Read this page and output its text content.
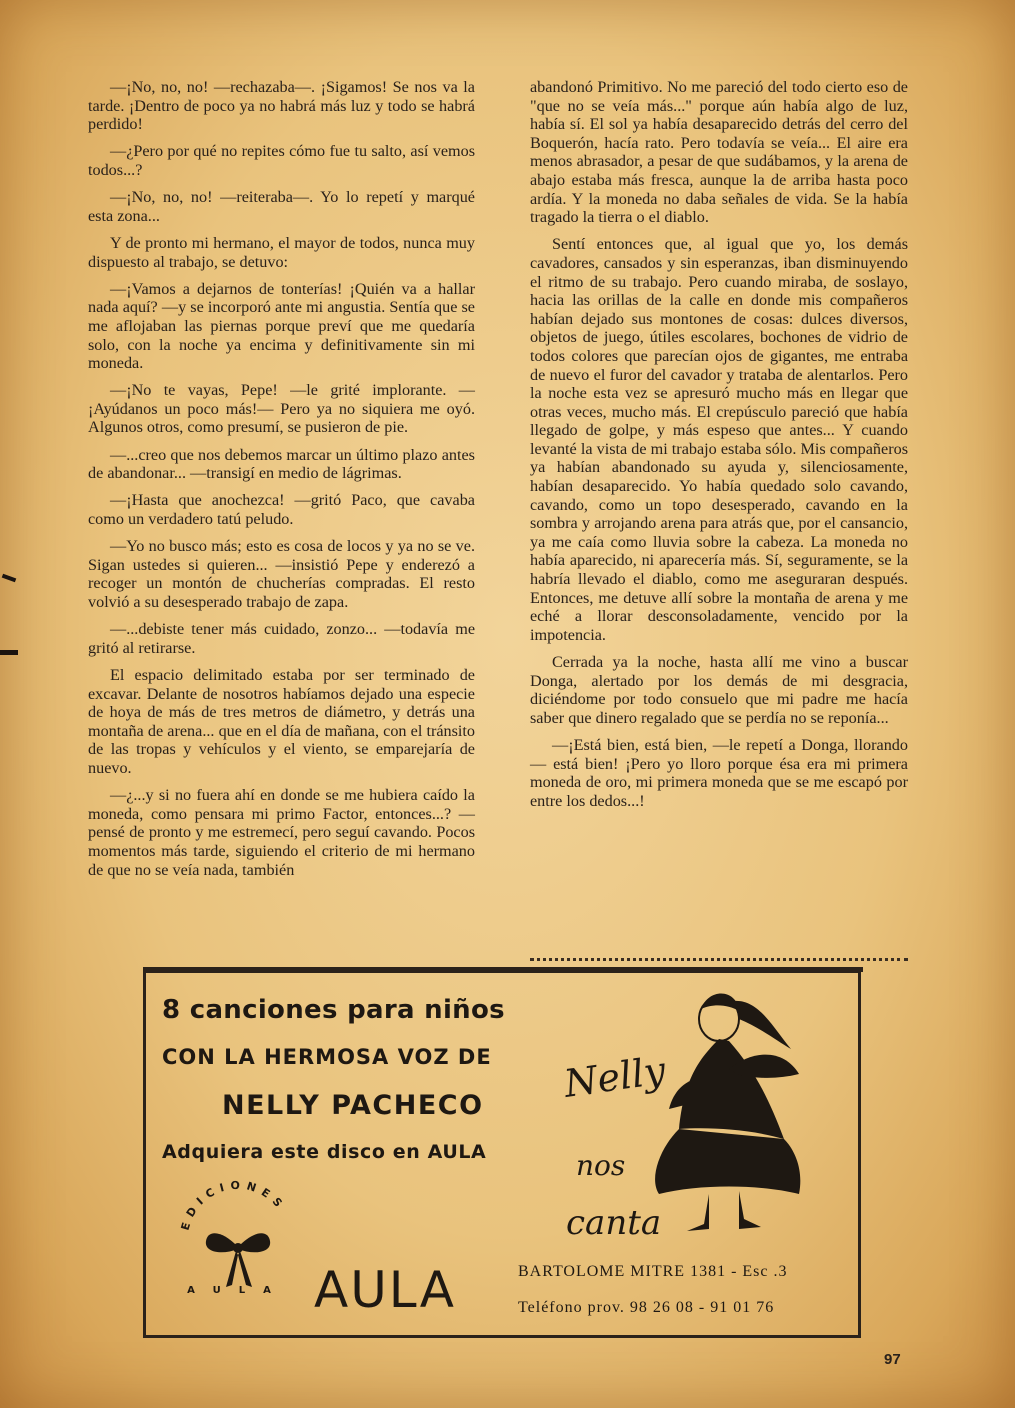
—¡No, no, no! —rechazaba—. ¡Sigamos! Se nos va la tarde. ¡Dentro de poco ya no habrá más luz y todo se habrá perdido!

—¿Pero por qué no repites cómo fue tu salto, así vemos todos...?

—¡No, no, no! —reiteraba—. Yo lo repetí y marqué esta zona...

Y de pronto mi hermano, el mayor de todos, nunca muy dispuesto al trabajo, se detuvo:

—¡Vamos a dejarnos de tonterías! ¡Quién va a hallar nada aquí? —y se incorporó ante mi angustia. Sentía que se me aflojaban las piernas porque preví que me quedaría solo, con la noche ya encima y definitivamente sin mi moneda.

—¡No te vayas, Pepe! —le grité implorante. —¡Ayúdanos un poco más!— Pero ya no siquiera me oyó. Algunos otros, como presumí, se pusieron de pie.

—...creo que nos debemos marcar un último plazo antes de abandonar... —transigí en medio de lágrimas.

—¡Hasta que anochezca! —gritó Paco, que cavaba como un verdadero tatú peludo.

—Yo no busco más; esto es cosa de locos y ya no se ve. Sigan ustedes si quieren... —insistió Pepe y enderezó a recoger un montón de chucherías compradas. El resto volvió a su desesperado trabajo de zapa.

—...debiste tener más cuidado, zonzo... —todavía me gritó al retirarse.

El espacio delimitado estaba por ser terminado de excavar. Delante de nosotros habíamos dejado una especie de hoya de más de tres metros de diámetro, y detrás una montaña de arena... que en el día de mañana, con el tránsito de las tropas y vehículos y el viento, se emparejaría de nuevo.

—¿...y si no fuera ahí en donde se me hubiera caído la moneda, como pensara mi primo Factor, entonces...? —pensé de pronto y me estremecí, pero seguí cavando. Pocos momentos más tarde, siguiendo el criterio de mi hermano de que no se veía nada, también

abandonó Primitivo. No me pareció del todo cierto eso de "que no se veía más..." porque aún había algo de luz, había sí. El sol ya había desaparecido detrás del cerro del Boquerón, hacía rato. Pero todavía se veía... El aire era menos abrasador, a pesar de que sudábamos, y la arena de abajo estaba más fresca, aunque la de arriba hasta poco ardía. Y la moneda no daba señales de vida. Se la había tragado la tierra o el diablo.

Sentí entonces que, al igual que yo, los demás cavadores, cansados y sin esperanzas, iban disminuyendo el ritmo de su trabajo. Pero cuando miraba, de soslayo, hacia las orillas de la calle en donde mis compañeros habían dejado sus montones de cosas: dulces diversos, objetos de juego, útiles escolares, bochones de vidrio de todos colores que parecían ojos de gigantes, me entraba de nuevo el furor del cavador y trataba de alentarlos. Pero la noche esta vez se apresuró mucho más en llegar que otras veces, mucho más. El crepúsculo pareció que había llegado de golpe, y más espeso que antes... Y cuando levanté la vista de mi trabajo estaba sólo. Mis compañeros ya habían abandonado su ayuda y, silenciosamente, habían desaparecido. Yo había quedado solo cavando, cavando, como un topo desesperado, cavando en la sombra y arrojando arena para atrás que, por el cansancio, ya me caía como lluvia sobre la cabeza. La moneda no había aparecido, ni aparecería más. Sí, seguramente, se la habría llevado el diablo, como me aseguraran después. Entonces, me detuve allí sobre la montaña de arena y me eché a llorar desconsoladamente, vencido por la impotencia.

Cerrada ya la noche, hasta allí me vino a buscar Donga, alertado por los demás de mi desgracia, diciéndome por todo consuelo que mi padre me hacía saber que dinero regalado que se perdía no se reponía...

—¡Está bien, está bien, —le repetí a Donga, llorando— está bien! ¡Pero yo lloro porque ésa era mi primera moneda de oro, mi primera moneda que se me escapó por entre los dedos...!

8 canciones para niños
CON LA HERMOSA VOZ DE
NELLY PACHECO
Adquiera este disco en AULA
EDICIONES
AULA AULA	BARTOLOME MITRE 1381 - Esc .3
Teléfono prov. 98 26 08 - 91 01 76
Nelly
nos
canta
97
